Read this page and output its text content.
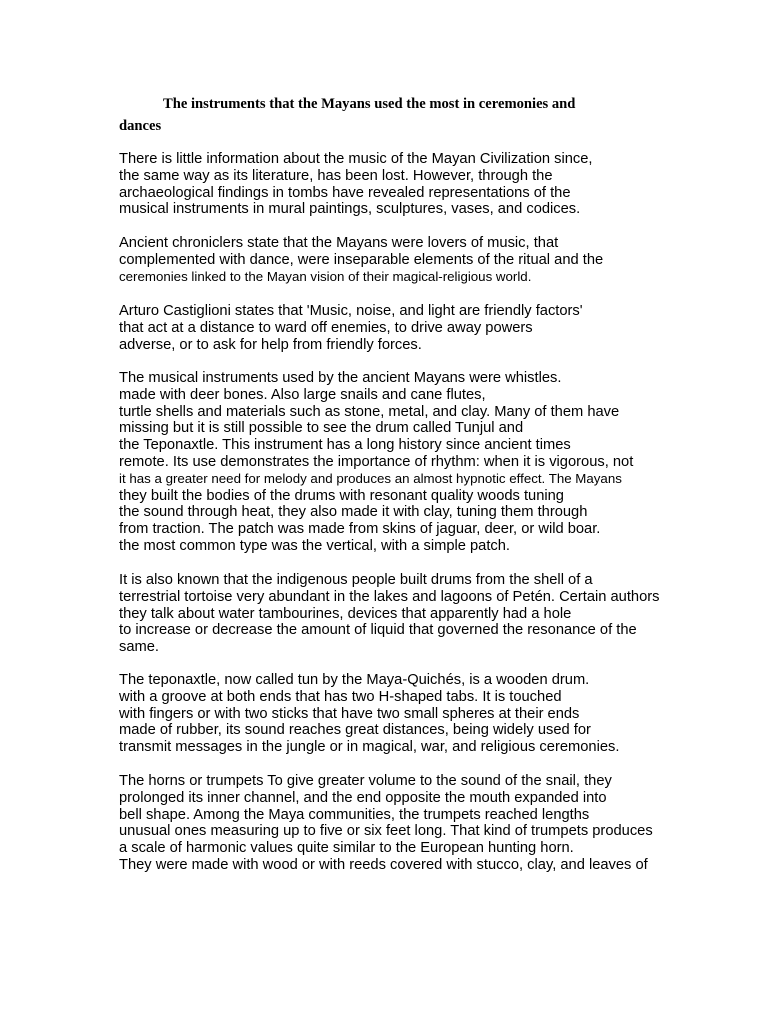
The instruments that the Mayans used the most in ceremonies and
dances
There is little information about the music of the Mayan Civilization since,
the same way as its literature, has been lost. However, through the
archaeological findings in tombs have revealed representations of the
musical instruments in mural paintings, sculptures, vases, and codices.
Ancient chroniclers state that the Mayans were lovers of music, that
complemented with dance, were inseparable elements of the ritual and the
ceremonies linked to the Mayan vision of their magical-religious world.
Arturo Castiglioni states that 'Music, noise, and light are friendly factors'
that act at a distance to ward off enemies, to drive away powers
adverse, or to ask for help from friendly forces.
The musical instruments used by the ancient Mayans were whistles.
made with deer bones. Also large snails and cane flutes,
turtle shells and materials such as stone, metal, and clay. Many of them have
missing but it is still possible to see the drum called Tunjul and
the Teponaxtle. This instrument has a long history since ancient times
remote. Its use demonstrates the importance of rhythm: when it is vigorous, not
it has a greater need for melody and produces an almost hypnotic effect. The Mayans
they built the bodies of the drums with resonant quality woods tuning
the sound through heat, they also made it with clay, tuning them through
from traction. The patch was made from skins of jaguar, deer, or wild boar.
the most common type was the vertical, with a simple patch.
It is also known that the indigenous people built drums from the shell of a
terrestrial tortoise very abundant in the lakes and lagoons of Petén. Certain authors
they talk about water tambourines, devices that apparently had a hole
to increase or decrease the amount of liquid that governed the resonance of the
same.
The teponaxtle, now called tun by the Maya-Quichés, is a wooden drum.
with a groove at both ends that has two H-shaped tabs. It is touched
with fingers or with two sticks that have two small spheres at their ends
made of rubber, its sound reaches great distances, being widely used for
transmit messages in the jungle or in magical, war, and religious ceremonies.
The horns or trumpets To give greater volume to the sound of the snail, they
prolonged its inner channel, and the end opposite the mouth expanded into
bell shape. Among the Maya communities, the trumpets reached lengths
unusual ones measuring up to five or six feet long. That kind of trumpets produces
a scale of harmonic values quite similar to the European hunting horn.
They were made with wood or with reeds covered with stucco, clay, and leaves of
